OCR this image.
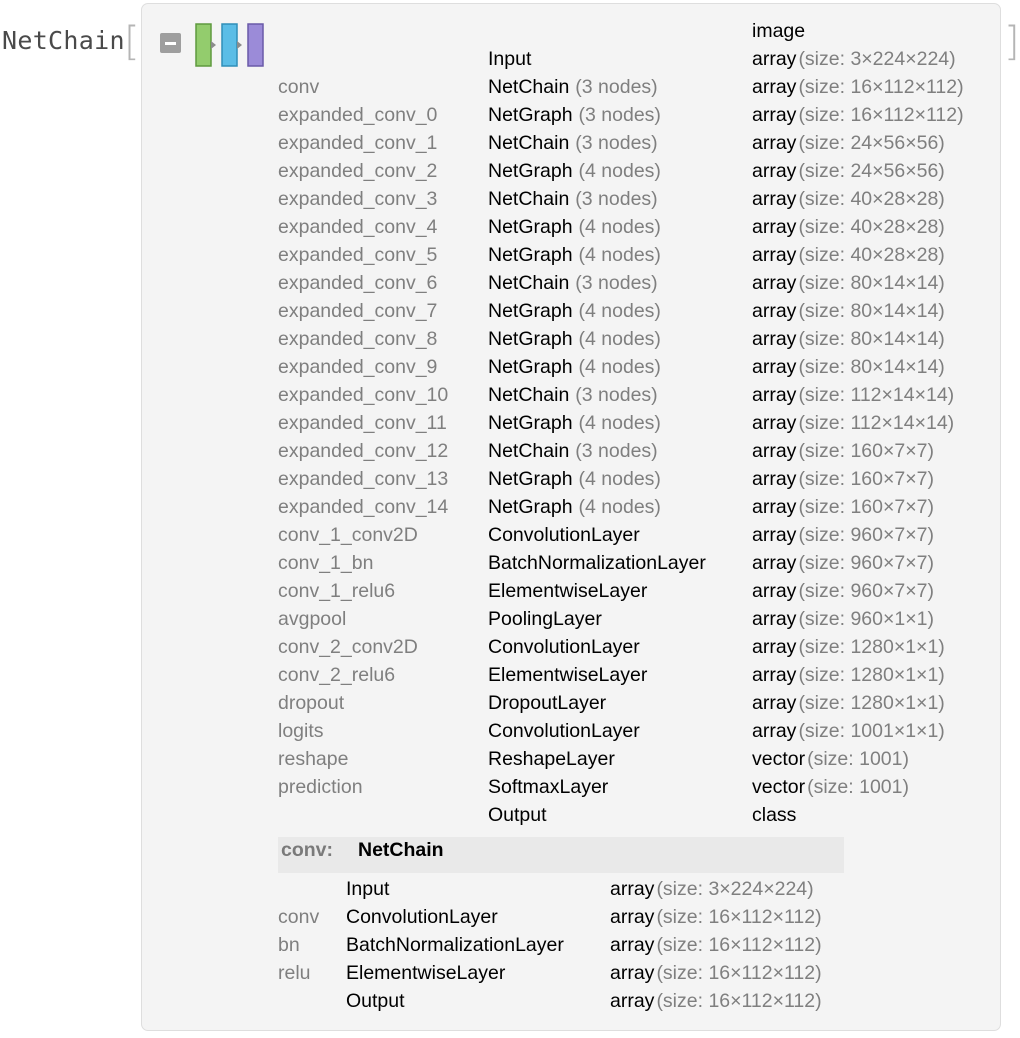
NetChain [	image
Input	array (size: 3×224×224)
conv	NetChain (3 nodes)	array (size: 16×112×112)
expanded_conv_0	NetGraph (3 nodes)	array (size: 16×112×112)
expanded_conv_1	NetChain (3 nodes)	array (size: 24×56×56)
expanded_conv_2	NetGraph (4 nodes)	array (size: 24×56×56)
expanded_conv_3	NetChain (3 nodes)	array (size: 40×28×28)
expanded_conv_4	NetGraph (4 nodes)	array (size: 40×28×28)
expanded_conv_5	NetGraph (4 nodes)	array (size: 40×28×28)
expanded_conv_6	NetChain (3 nodes)	array (size: 80×14×14)
expanded_conv_7	NetGraph (4 nodes)	array (size: 80×14×14)
expanded_conv_8	NetGraph (4 nodes)	array (size: 80×14×14)
expanded_conv_9	NetGraph (4 nodes)	array (size: 80×14×14)
expanded_conv_10 NetChain (3 nodes)	array (size: 112×14×14)
expanded_conv_11 NetGraph (4 nodes)	array (size: 112×14×14)
expanded_conv_12 NetChain (3 nodes)	array (size: 160×7×7)
expanded_conv_13 NetGraph (4 nodes)	array (size: 160×7×7)
expanded_conv_14 NetGraph (4 nodes)	array (size: 160×7×7)
conv_1_conv2D	ConvolutionLayer	array (size: 960×7×7)
conv_1_bn	BatchNormalizationLayer array (size: 960×7×7)
conv_1_relu6	ElementwiseLayer	array (size: 960×7×7)
avgpool	PoolingLayer	array (size: 960×1×1)
conv_2_conv2D	ConvolutionLayer	array (size: 1280×1×1)
conv_2_relu6	ElementwiseLayer	array (size: 1280×1×1)
dropout	DropoutLayer	array (size: 1280×1×1)
logits	ConvolutionLayer	array (size: 1001×1×1)
reshape	ReshapeLayer	vector (size: 1001)
prediction	SoftmaxLayer	vector (size: 1001)
Output	class
conv: NetChain
Input	array (size: 3×224×224)
conv ConvolutionLayer	array (size: 16×112×112)
bn BatchNormalizationLayer array (size: 16×112×112)
relu ElementwiseLayer	array (size: 16×112×112)
Output	array (size: 16×112×112)
]
